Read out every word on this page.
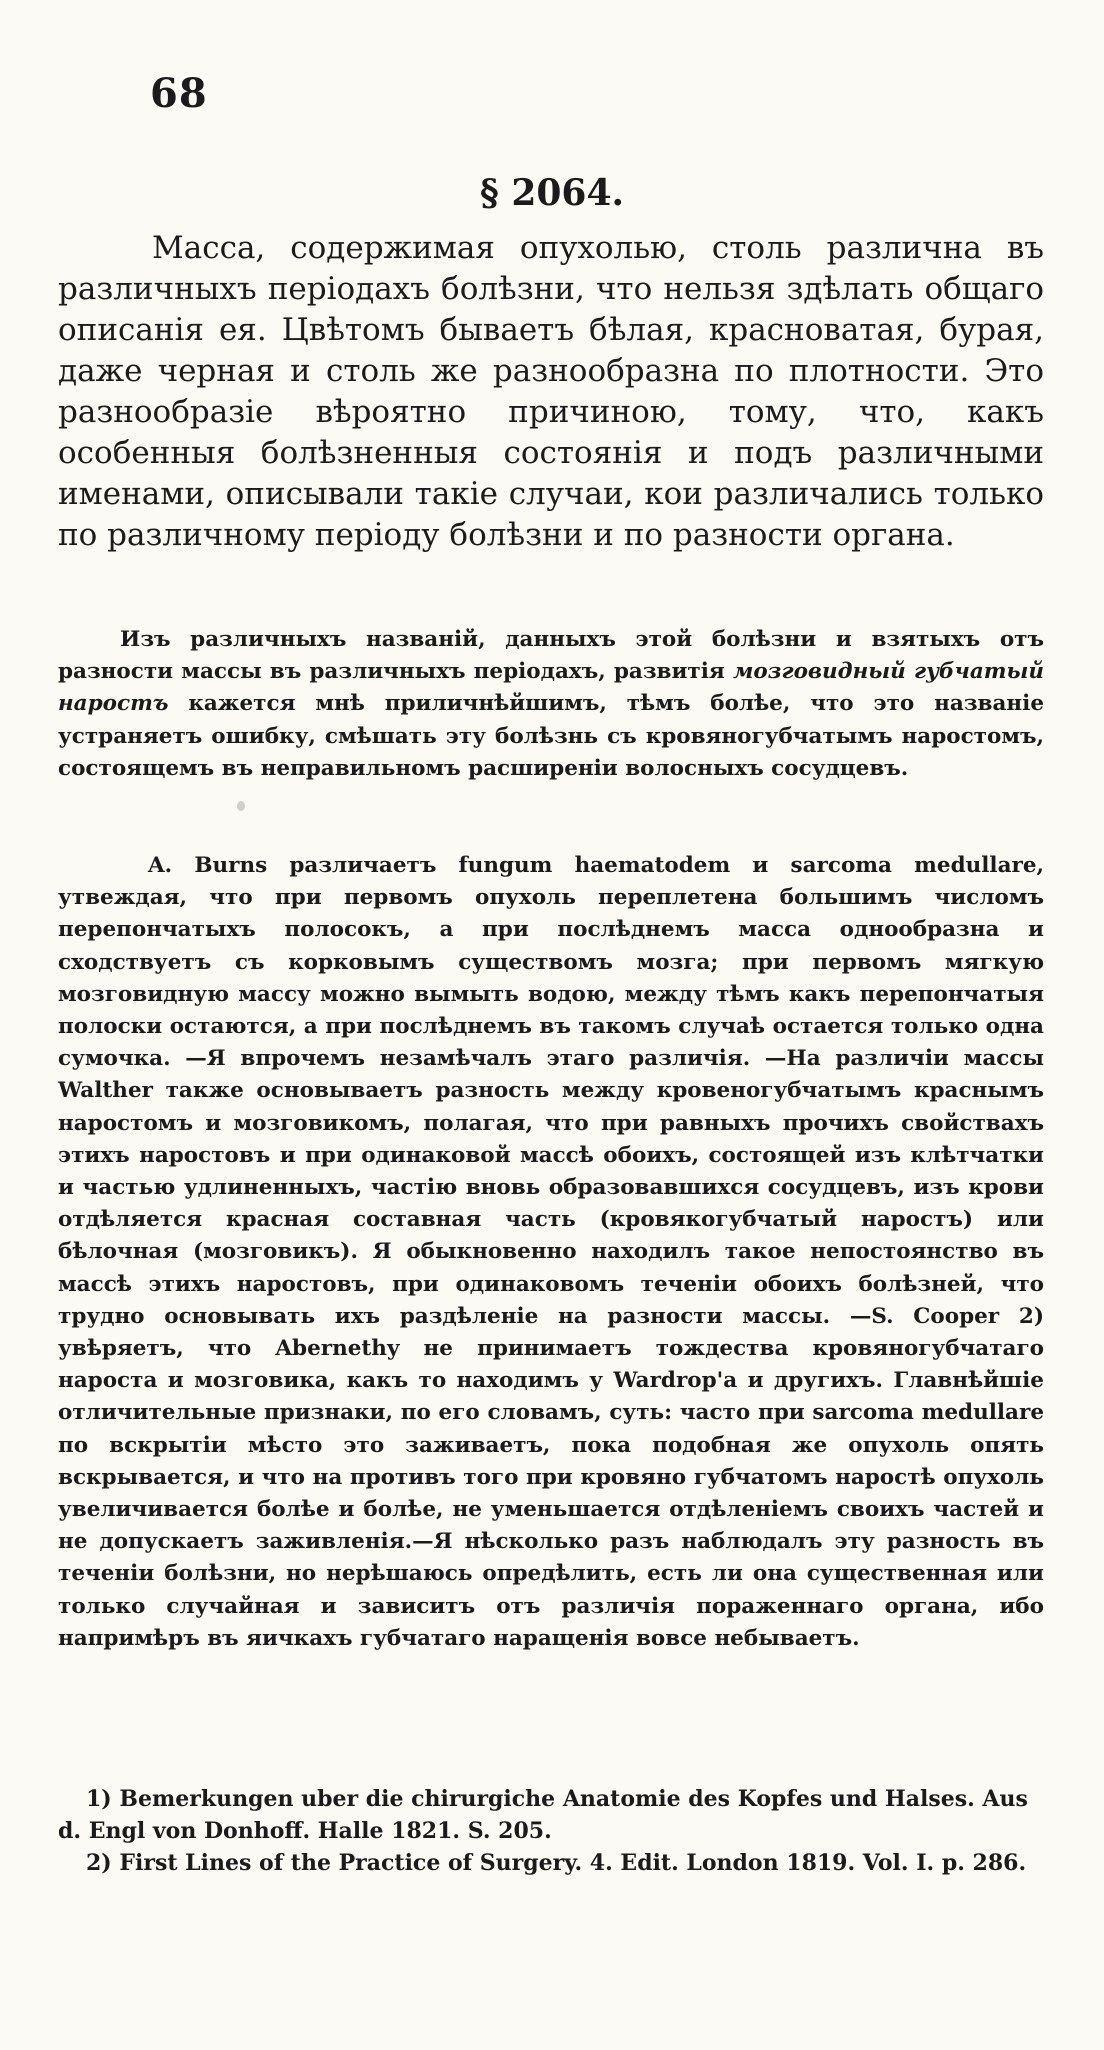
68
§ 2064.
Масса, содержимая опухолью, столь различна въ различныхъ періодахъ болѣзни, что нельзя здѣлать общаго описанія ея. Цвѣтомъ бываетъ бѣлая, красноватая, бурая, даже черная и столь же разнообразна по плотности. Это разнообразіе вѣроятно причиною, тому, что, какъ особенныя болѣзненныя состоянія и подъ различными именами, описывали такіе случаи, кои различались только по различному періоду болѣзни и по разности органа.
Изъ различныхъ названій, данныхъ этой болѣзни и взятыхъ отъ разности массы въ различныхъ періодахъ, развитія мозговидный губчатый наростъ кажется мнѣ приличнѣйшимъ, тѣмъ болѣе, что это названіе устраняетъ ошибку, смѣшать эту болѣзнь съ кровяногубчатымъ наростомъ, состоящемъ въ неправильномъ расширеніи волосныхъ сосудцевъ.
A. Burns различаетъ fungum haematodem и sarcoma medullare, утвеждая, что при первомъ опухоль переплетена большимъ числомъ перепончатыхъ полосокъ, а при послѣднемъ масса однообразна и сходствуетъ съ корковымъ существомъ мозга; при первомъ мягкую мозговидную массу можно вымыть водою, между тѣмъ какъ перепончатыя полоски остаются, а при послѣднемъ въ такомъ случаѣ остается только одна сумочка. —Я впрочемъ незамѣчалъ этаго различія. —На различіи массы Walther также основываетъ разность между кровеногубчатымъ краснымъ наростомъ и мозговикомъ, полагая, что при равныхъ прочихъ свойствахъ этихъ наростовъ и при одинаковой массѣ обоихъ, состоящей изъ клѣтчатки и частью удлиненныхъ, частію вновь образовавшихся сосудцевъ, изъ крови отдѣляется красная составная часть (кровякогубчатый наростъ) или бѣлочная (мозговикъ). Я обыкновенно находилъ такое непостоянство въ массѣ этихъ наростовъ, при одинаковомъ теченіи обоихъ болѣзней, что трудно основывать ихъ раздѣленіе на разности массы. —S. Cooper 2) увѣряетъ, что Abernethy не принимаетъ тождества кровяногубчатаго нароста и мозговика, какъ то находимъ у Wardrop'а и другихъ. Главнѣйшіе отличительные признаки, по его словамъ, суть: часто при sarcoma medullare по вскрытіи мѣсто это заживаетъ, пока подобная же опухоль опять вскрывается, и что на противъ того при кровяно губчатомъ наростѣ опухоль увеличивается болѣе и болѣе, не уменьшается отдѣленіемъ своихъ частей и не допускаетъ заживленія.—Я нѣсколько разъ наблюдалъ эту разность въ теченіи болѣзни, но нерѣшаюсь опредѣлить, есть ли она существенная или только случайная и зависитъ отъ различія пораженнаго органа, ибо напримѣръ въ яичкахъ губчатаго наращенія вовсе небываетъ.
1) Bemerkungen uber die chirurgiche Anatomie des Kopfes und Halses. Aus d. Engl von Donhoff. Halle 1821. S. 205.
2) First Lines of the Practice of Surgery. 4. Edit. London 1819. Vol. I. p. 286.
